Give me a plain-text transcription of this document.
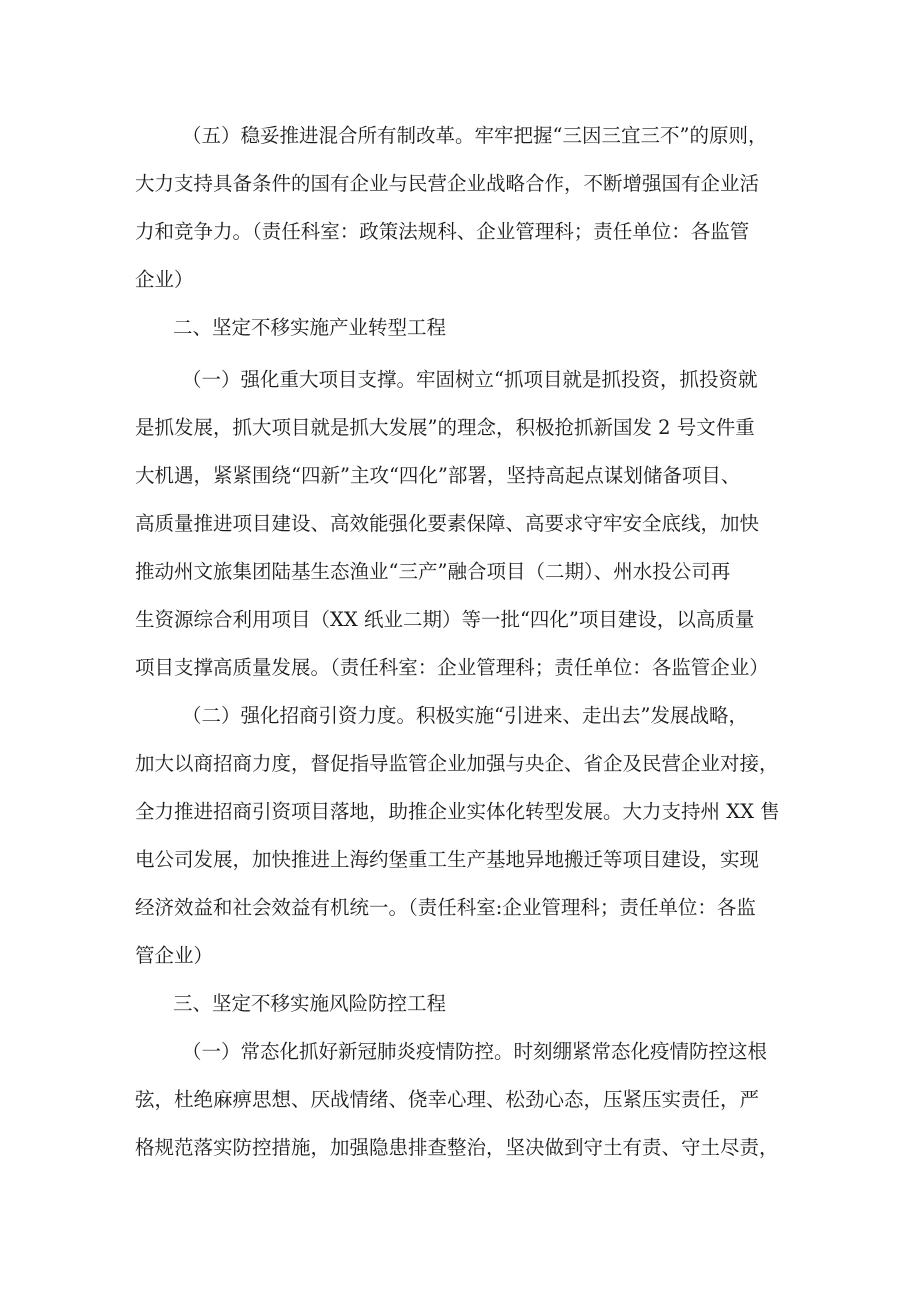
（五）稳妥推进混合所有制改革。牢牢把握“三因三宜三不”的原则，
大力支持具备条件的国有企业与民营企业战略合作，不断增强国有企业活
力和竞争力。（责任科室：政策法规科、企业管理科；责任单位：各监管
企业）
二、坚定不移实施产业转型工程
（一）强化重大项目支撑。牢固树立“抓项目就是抓投资，抓投资就
是抓发展，抓大项目就是抓大发展”的理念，积极抢抓新国发 2 号文件重
大机遇，紧紧围绕“四新”主攻“四化”部署，坚持高起点谋划储备项目、
高质量推进项目建设、高效能强化要素保障、高要求守牢安全底线，加快
推动州文旅集团陆基生态渔业“三产”融合项目（二期）、州水投公司再
生资源综合利用项目（XX 纸业二期）等一批“四化”项目建设，以高质量
项目支撑高质量发展。（责任科室：企业管理科；责任单位：各监管企业）
（二）强化招商引资力度。积极实施“引进来、走出去”发展战略，
加大以商招商力度，督促指导监管企业加强与央企、省企及民营企业对接，
全力推进招商引资项目落地，助推企业实体化转型发展。大力支持州 XX 售
电公司发展，加快推进上海约堡重工生产基地异地搬迁等项目建设，实现
经济效益和社会效益有机统一。（责任科室:企业管理科；责任单位：各监
管企业）
三、坚定不移实施风险防控工程
（一）常态化抓好新冠肺炎疫情防控。时刻绷紧常态化疫情防控这根
弦，杜绝麻痹思想、厌战情绪、侥幸心理、松劲心态，压紧压实责任，严
格规范落实防控措施，加强隐患排查整治，坚决做到守土有责、守土尽责，
